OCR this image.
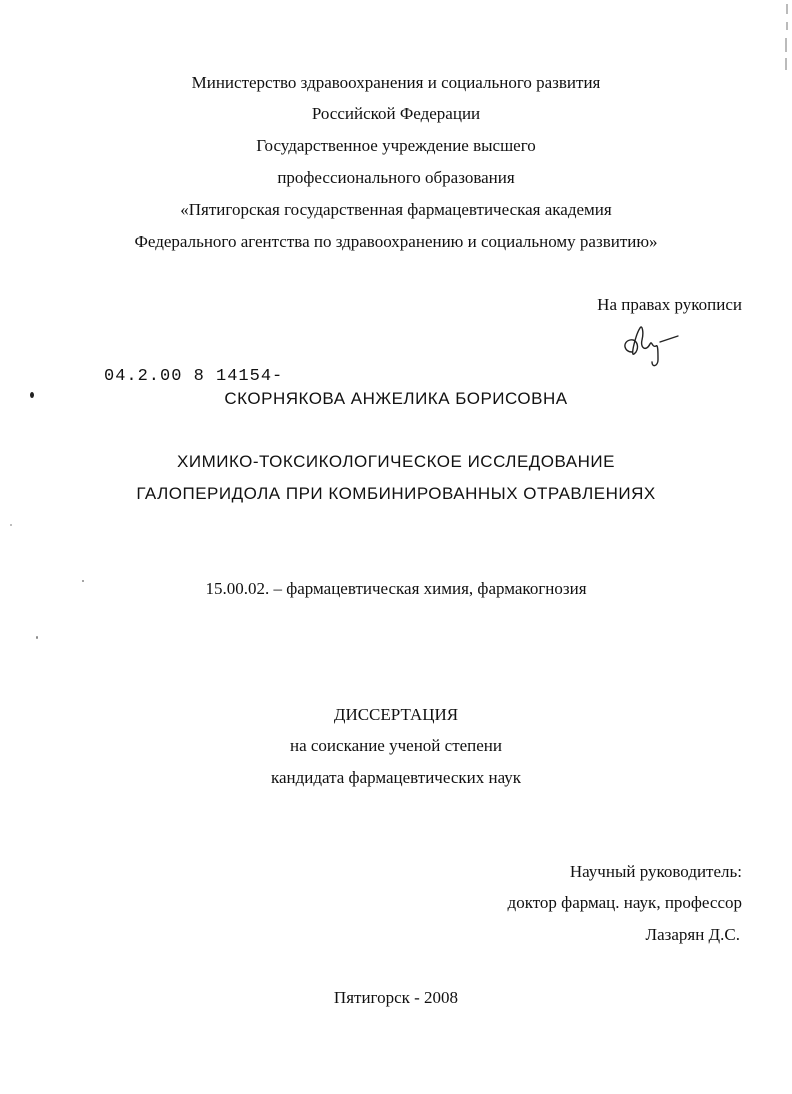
Министерство здравоохранения и социального развития
Российской Федерации
Государственное учреждение высшего
профессионального образования
«Пятигорская государственная фармацевтическая академия
Федерального агентства по здравоохранению и социальному развитию»
На правах рукописи
04.2.00 8 14154-
СКОРНЯКОВА АНЖЕЛИКА БОРИСОВНА
ХИМИКО-ТОКСИКОЛОГИЧЕСКОЕ ИССЛЕДОВАНИЕ
ГАЛОПЕРИДОЛА ПРИ КОМБИНИРОВАННЫХ ОТРАВЛЕНИЯХ
15.00.02. – фармацевтическая химия, фармакогнозия
ДИССЕРТАЦИЯ
на соискание ученой степени
кандидата фармацевтических наук
Научный руководитель:
доктор фармац. наук, профессор
Лазарян Д.С.
Пятигорск - 2008
